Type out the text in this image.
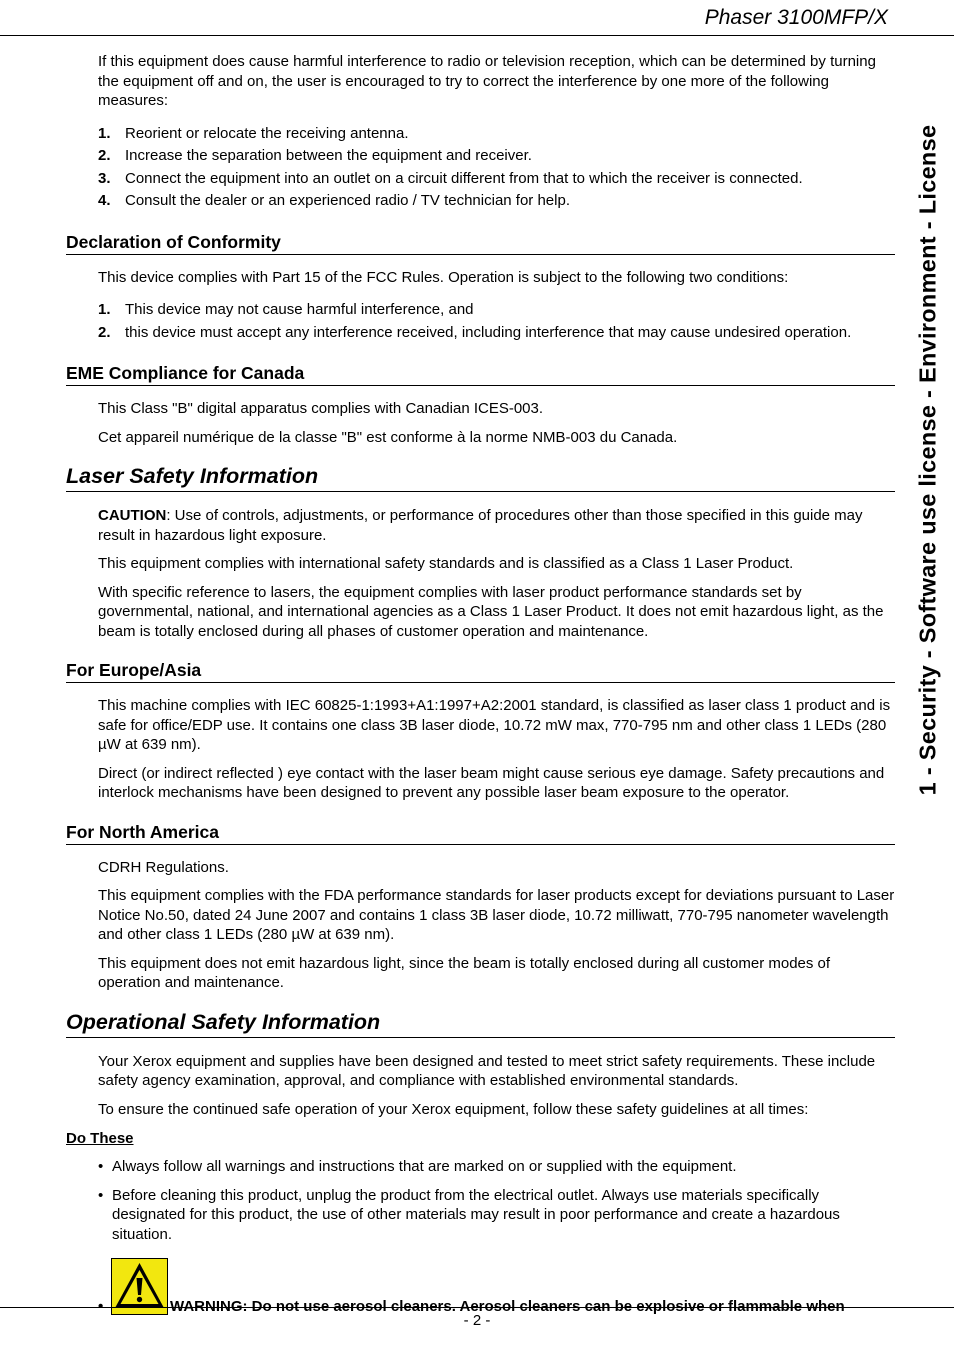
Phaser 3100MFP/X
1 - Security - Software use license - Environment - License

If this equipment does cause harmful interference to radio or television reception, which can be determined by turning the equipment off and on, the user is encouraged to try to correct the interference by one more of the following measures:

1. Reorient or relocate the receiving antenna.
2. Increase the separation between the equipment and receiver.
3. Connect the equipment into an outlet on a circuit different from that to which the receiver is connected.
4. Consult the dealer or an experienced radio / TV technician for help.
Declaration of Conformity

This device complies with Part 15 of the FCC Rules. Operation is subject to the following two conditions:

1. This device may not cause harmful interference, and
2. this device must accept any interference received, including interference that may cause undesired operation.
EME Compliance for Canada

This Class "B" digital apparatus complies with Canadian ICES-003.

Cet appareil numérique de la classe "B" est conforme à la norme NMB-003 du Canada.

Laser Safety Information

CAUTION: Use of controls, adjustments, or performance of procedures other than those specified in this guide may result in hazardous light exposure.

This equipment complies with international safety standards and is classified as a Class 1 Laser Product.

With specific reference to lasers, the equipment complies with laser product performance standards set by governmental, national, and international agencies as a Class 1 Laser Product. It does not emit hazardous light, as the beam is totally enclosed during all phases of customer operation and maintenance.

For Europe/Asia

This machine complies with IEC 60825-1:1993+A1:1997+A2:2001 standard, is classified as laser class 1 product and is safe for office/EDP use. It contains one class 3B laser diode, 10.72 mW max, 770-795 nm and other class 1 LEDs (280 µW at 639 nm).

Direct (or indirect reflected ) eye contact with the laser beam might cause serious eye damage. Safety precautions and interlock mechanisms have been designed to prevent any possible laser beam exposure to the operator.

For North America

CDRH Regulations.

This equipment complies with the FDA performance standards for laser products except for deviations pursuant to Laser Notice No.50, dated 24 June 2007 and contains 1 class 3B laser diode, 10.72 milliwatt, 770-795 nanometer wavelength and other class 1 LEDs (280 µW at 639 nm).

This equipment does not emit hazardous light, since the beam is totally enclosed during all customer modes of operation and maintenance.

Operational Safety Information

Your Xerox equipment and supplies have been designed and tested to meet strict safety requirements. These include safety agency examination, approval, and compliance with established environmental standards.

To ensure the continued safe operation of your Xerox equipment, follow these safety guidelines at all times:

Do These
• Always follow all warnings and instructions that are marked on or supplied with the equipment.
• Before cleaning this product, unplug the product from the electrical outlet. Always use materials specifically designated for this product, the use of other materials may result in poor performance and create a hazardous situation.
•	WARNING: Do not use aerosol cleaners. Aerosol cleaners can be explosive or flammable when
- 2 -
